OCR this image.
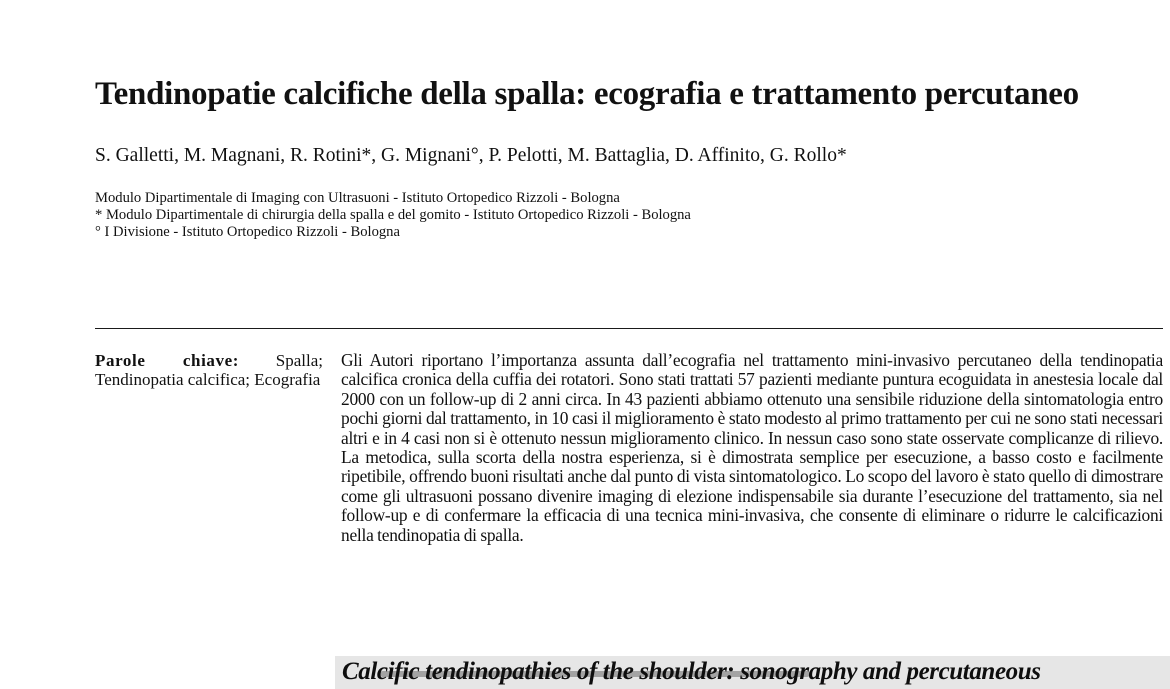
Tendinopatie calcifiche della spalla: ecografia e trattamento percutaneo
S. Galletti, M. Magnani, R. Rotini*, G. Mignani°, P. Pelotti, M. Battaglia, D. Affinito, G. Rollo*
Modulo Dipartimentale di Imaging con Ultrasuoni - Istituto Ortopedico Rizzoli - Bologna
* Modulo Dipartimentale di chirurgia della spalla e del gomito - Istituto Ortopedico Rizzoli - Bologna
° I Divisione - Istituto Ortopedico Rizzoli - Bologna
Parole chiave: Spalla; Tendinopatia calcifica; Ecografia
Gli Autori riportano l’importanza assunta dall’ecografia nel trattamento mini-invasivo percutaneo della tendinopatia calcifica cronica della cuffia dei rotatori. Sono stati trattati 57 pazienti mediante puntura ecoguidata in anestesia locale dal 2000 con un follow-up di 2 anni circa. In 43 pazienti abbiamo ottenuto una sensibile riduzione della sintomatologia entro pochi giorni dal trattamento, in 10 casi il miglioramento è stato modesto al primo trattamento per cui ne sono stati necessari altri e in 4 casi non si è ottenuto nessun miglioramento clinico. In nessun caso sono state osservate complicanze di rilievo. La metodica, sulla scorta della nostra esperienza, si è dimostrata semplice per esecuzione, a basso costo e facilmente ripetibile, offrendo buoni risultati anche dal punto di vista sintomatologico. Lo scopo del lavoro è stato quello di dimostrare come gli ultrasuoni possano divenire imaging di elezione indispensabile sia durante l’esecuzione del trattamento, sia nel follow-up e di confermare la efficacia di una tecnica mini-invasiva, che consente di eliminare o ridurre le calcificazioni nella tendinopatia di spalla.
Calcific tendinopathies of the shoulder: sonography and percutaneous
